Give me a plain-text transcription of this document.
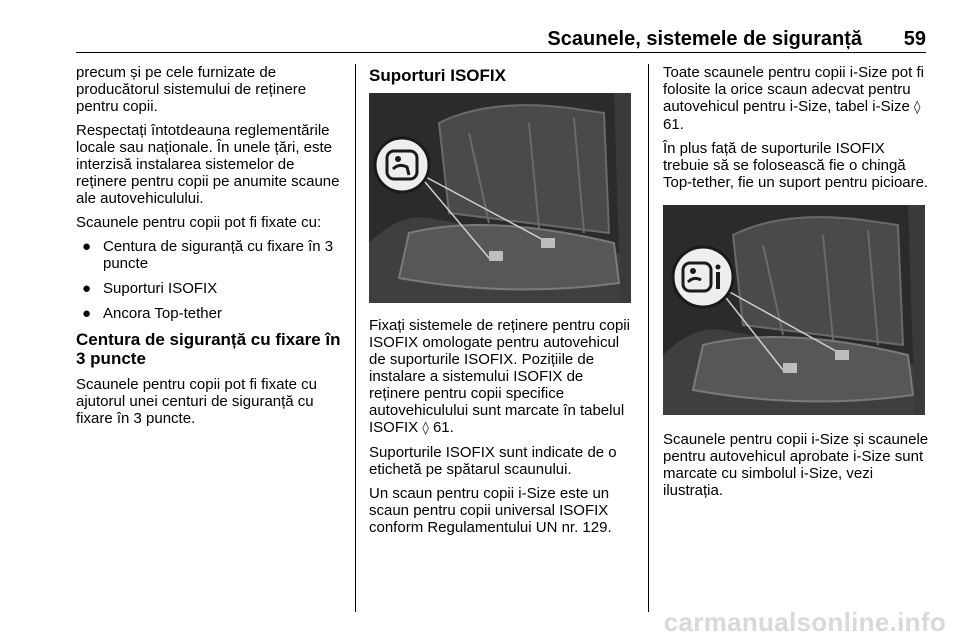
Scaunele, sistemele de siguranță 59

precum și pe cele furnizate de producătorul sistemului de reținere pentru copii.

Respectați întotdeauna reglementările locale sau naționale. În unele țări, este interzisă instalarea sistemelor de reținere pentru copii pe anumite scaune ale autovehiculului.

Scaunele pentru copii pot fi fixate cu:

● Centura de siguranță cu fixare în 3 puncte
● Suporturi ISOFIX
● Ancora Top-tether
Centura de siguranță cu fixare în 3 puncte

Scaunele pentru copii pot fi fixate cu ajutorul unei centuri de siguranță cu fixare în 3 puncte.

Suporturi ISOFIX

Fixați sistemele de reținere pentru copii ISOFIX omologate pentru autovehicul de suporturile ISOFIX. Pozițiile de instalare a sistemului ISOFIX de reținere pentru copii specifice autovehiculului sunt marcate în tabelul ISOFIX ◊ 61.

Suporturile ISOFIX sunt indicate de o etichetă pe spătarul scaunului.

Un scaun pentru copii i-Size este un scaun pentru copii universal ISOFIX conform Regulamentului UN nr. 129.

Toate scaunele pentru copii i-Size pot fi folosite la orice scaun adecvat pentru autovehicul pentru i-Size, tabel i-Size ◊ 61.

În plus față de suporturile ISOFIX trebuie să se folosească fie o chingă Top-tether, fie un suport pentru picioare.

Scaunele pentru copii i-Size și scaunele pentru autovehicul aprobate i-Size sunt marcate cu simbolul i-Size, vezi ilustrația.

carmanualsonline.info
